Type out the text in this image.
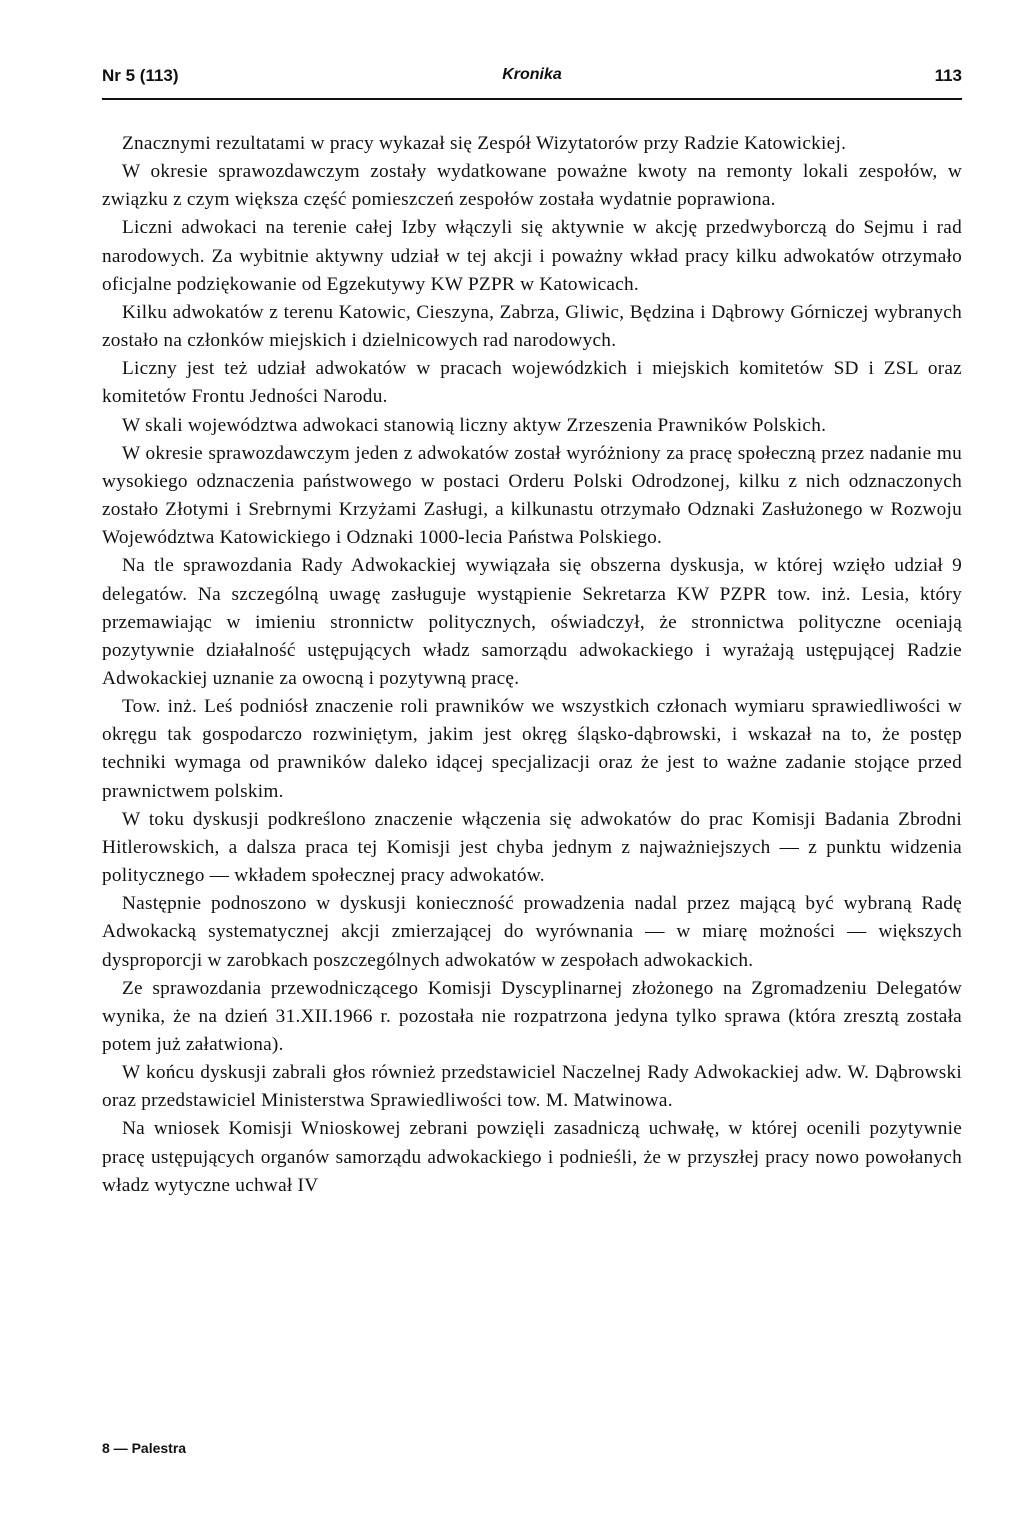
Nr 5 (113)	Kronika	113

Znacznymi rezultatami w pracy wykazał się Zespół Wizytatorów przy Radzie Katowickiej.

W okresie sprawozdawczym zostały wydatkowane poważne kwoty na remonty lokali zespołów, w związku z czym większa część pomieszczeń zespołów została wydatnie poprawiona.

Liczni adwokaci na terenie całej Izby włączyli się aktywnie w akcję przedwyborczą do Sejmu i rad narodowych. Za wybitnie aktywny udział w tej akcji i poważny wkład pracy kilku adwokatów otrzymało oficjalne podziękowanie od Egzekutywy KW PZPR w Katowicach.

Kilku adwokatów z terenu Katowic, Cieszyna, Zabrza, Gliwic, Będzina i Dąbrowy Górniczej wybranych zostało na członków miejskich i dzielnicowych rad narodowych.

Liczny jest też udział adwokatów w pracach wojewódzkich i miejskich komitetów SD i ZSL oraz komitetów Frontu Jedności Narodu.

W skali województwa adwokaci stanowią liczny aktyw Zrzeszenia Prawników Polskich.

W okresie sprawozdawczym jeden z adwokatów został wyróżniony za pracę społeczną przez nadanie mu wysokiego odznaczenia państwowego w postaci Orderu Polski Odrodzonej, kilku z nich odznaczonych zostało Złotymi i Srebrnymi Krzyżami Zasługi, a kilkunastu otrzymało Odznaki Zasłużonego w Rozwoju Województwa Katowickiego i Odznaki 1000-lecia Państwa Polskiego.

Na tle sprawozdania Rady Adwokackiej wywiązała się obszerna dyskusja, w której wzięło udział 9 delegatów. Na szczególną uwagę zasługuje wystąpienie Sekretarza KW PZPR tow. inż. Lesia, który przemawiając w imieniu stronnictw politycznych, oświadczył, że stronnictwa polityczne oceniają pozytywnie działalność ustępujących władz samorządu adwokackiego i wyrażają ustępującej Radzie Adwokackiej uznanie za owocną i pozytywną pracę.

Tow. inż. Leś podniósł znaczenie roli prawników we wszystkich członach wymiaru sprawiedliwości w okręgu tak gospodarczo rozwiniętym, jakim jest okręg śląsko-dąbrowski, i wskazał na to, że postęp techniki wymaga od prawników daleko idącej specjalizacji oraz że jest to ważne zadanie stojące przed prawnictwem polskim.

W toku dyskusji podkreślono znaczenie włączenia się adwokatów do prac Komisji Badania Zbrodni Hitlerowskich, a dalsza praca tej Komisji jest chyba jednym z najważniejszych — z punktu widzenia politycznego — wkładem społecznej pracy adwokatów.

Następnie podnoszono w dyskusji konieczność prowadzenia nadal przez mającą być wybraną Radę Adwokacką systematycznej akcji zmierzającej do wyrównania — w miarę możności — większych dysproporcji w zarobkach poszczególnych adwokatów w zespołach adwokackich.

Ze sprawozdania przewodniczącego Komisji Dyscyplinarnej złożonego na Zgromadzeniu Delegatów wynika, że na dzień 31.XII.1966 r. pozostała nie rozpatrzona jedyna tylko sprawa (która zresztą została potem już załatwiona).

W końcu dyskusji zabrali głos również przedstawiciel Naczelnej Rady Adwokackiej adw. W. Dąbrowski oraz przedstawiciel Ministerstwa Sprawiedliwości tow. M. Matwinowa.

Na wniosek Komisji Wnioskowej zebrani powzięli zasadniczą uchwałę, w której ocenili pozytywnie pracę ustępujących organów samorządu adwokackiego i podnieśli, że w przyszłej pracy nowo powołanych władz wytyczne uchwał IV

8 — Palestra
